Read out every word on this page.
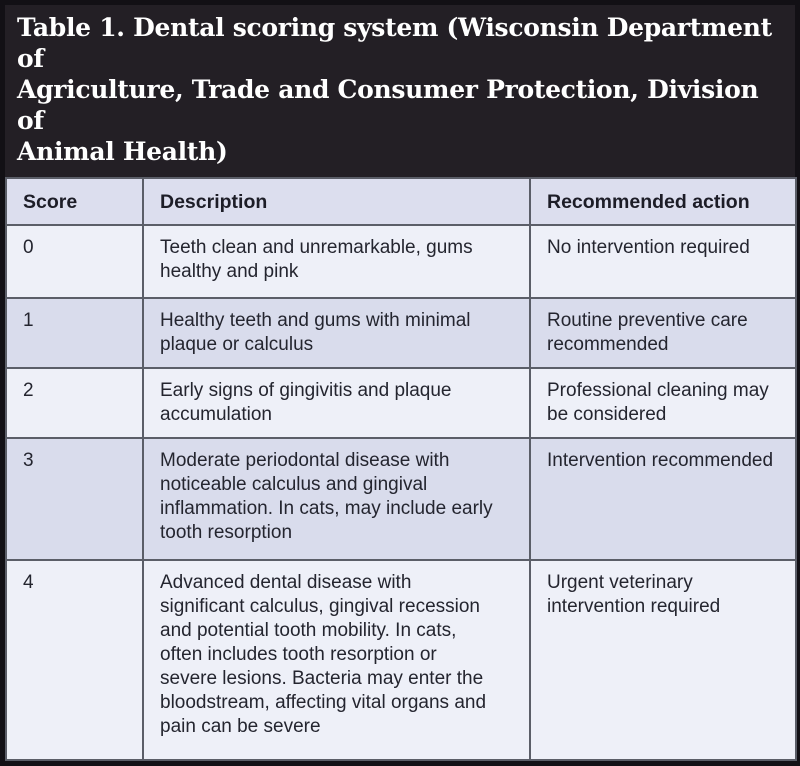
Table 1. Dental scoring system (Wisconsin Department of
Agriculture, Trade and Consumer Protection, Division of
Animal Health)
Score	Description	Recommended action
0	Teeth clean and unremarkable, gums healthy and pink	No intervention required
1	Healthy teeth and gums with minimal plaque or calculus	Routine preventive care recommended
2	Early signs of gingivitis and plaque accumulation	Professional cleaning may be considered
3	Moderate periodontal disease with noticeable calculus and gingival inflammation. In cats, may include early tooth resorption	Intervention recommended
4	Advanced dental disease with significant calculus, gingival recession and potential tooth mobility. In cats, often includes tooth resorption or severe lesions. Bacteria may enter the bloodstream, affecting vital organs and pain can be severe	Urgent veterinary intervention required
